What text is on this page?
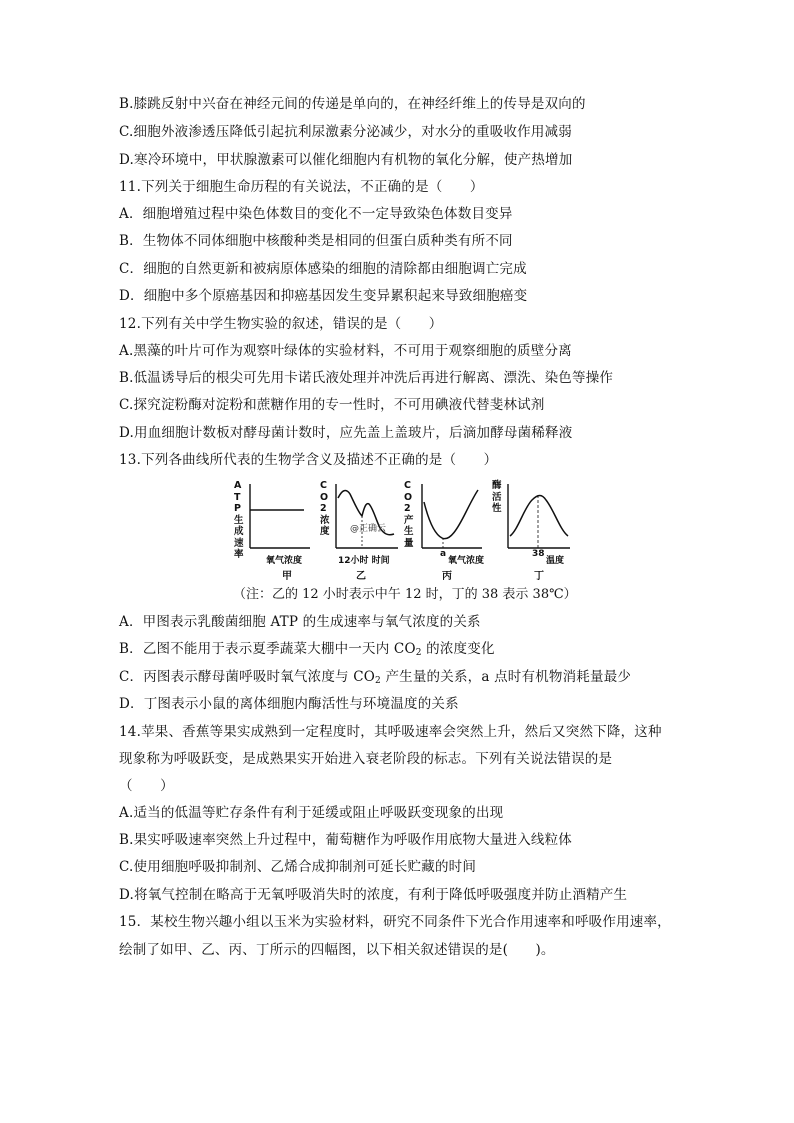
B.膝跳反射中兴奋在神经元间的传递是单向的，在神经纤维上的传导是双向的
C.细胞外液渗透压降低引起抗利尿激素分泌减少，对水分的重吸收作用减弱
D.寒冷环境中，甲状腺激素可以催化细胞内有机物的氧化分解，使产热增加
11.下列关于细胞生命历程的有关说法，不正确的是（　　）
A．细胞增殖过程中染色体数目的变化不一定导致染色体数目变异
B．生物体不同体细胞中核酸种类是相同的但蛋白质种类有所不同
C．细胞的自然更新和被病原体感染的细胞的清除都由细胞调亡完成
D．细胞中多个原癌基因和抑癌基因发生变异累积起来导致细胞癌变
12.下列有关中学生物实验的叙述，错误的是（　　）
A.黑藻的叶片可作为观察叶绿体的实验材料，不可用于观察细胞的质壁分离
B.低温诱导后的根尖可先用卡诺氏液处理并冲洗后再进行解离、漂洗、染色等操作
C.探究淀粉酶对淀粉和蔗糖作用的专一性时，不可用碘液代替斐林试剂
D.用血细胞计数板对酵母菌计数时，应先盖上盖玻片，后滴加酵母菌稀释液
13.下列各曲线所代表的生物学含义及描述不正确的是（　　）
ATP生成速率
氧气浓度
甲
CO2浓度 @正确云
12小时 时间
乙
CO2产生量
a
氧气浓度
丙
酶活性
38
温度
丁
（注：乙的 12 小时表示中午 12 时，丁的 38 表示 38℃）
A．甲图表示乳酸菌细胞 ATP 的生成速率与氧气浓度的关系
B．乙图不能用于表示夏季蔬菜大棚中一天内 $CO_2$ 的浓度变化
C．丙图表示酵母菌呼吸时氧气浓度与 $CO_2$ 产生量的关系，a 点时有机物消耗量最少
D．丁图表示小鼠的离体细胞内酶活性与环境温度的关系
14.苹果、香蕉等果实成熟到一定程度时，其呼吸速率会突然上升，然后又突然下降，这种
现象称为呼吸跃变，是成熟果实开始进入衰老阶段的标志。下列有关说法错误的是
（　　）
A.适当的低温等贮存条件有利于延缓或阻止呼吸跃变现象的出现
B.果实呼吸速率突然上升过程中，葡萄糖作为呼吸作用底物大量进入线粒体
C.使用细胞呼吸抑制剂、乙烯合成抑制剂可延长贮藏的时间
D.将氧气控制在略高于无氧呼吸消失时的浓度，有利于降低呼吸强度并防止酒精产生
15．某校生物兴趣小组以玉米为实验材料，研究不同条件下光合作用速率和呼吸作用速率，
绘制了如甲、乙、丙、丁所示的四幅图，以下相关叙述错误的是(　　)。
